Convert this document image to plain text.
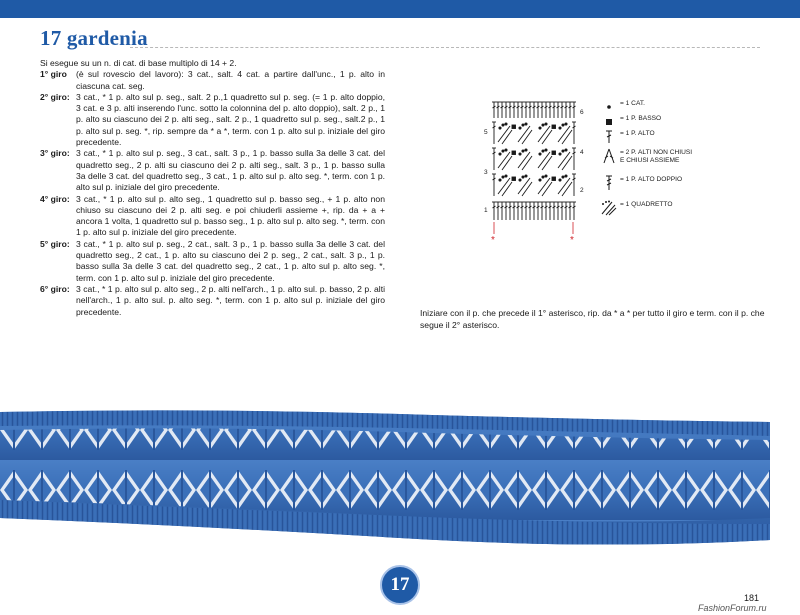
17 gardenia
Si esegue su un n. di cat. di base multiplo di 14 + 2.
1° giro	(è sul rovescio del lavoro): 3 cat., salt. 4 cat. a partire dall'unc., 1 p. alto in ciascuna cat. seg.
2° giro: 3 cat., * 1 p. alto sul p. seg., salt. 2 p.,1 quadretto sul p. seg. (= 1 p. alto doppio, 3 cat. e 3 p. alti inserendo l'unc. sotto la colonnina del p. alto doppio), salt. 2 p., 1 p. alto su ciascuno dei 2 p. alti seg., salt. 2 p., 1 quadretto sul p. seg., salt.2 p., 1 p. alto sul p. seg. *, rip. sempre da * a *, term. con 1 p. alto sul p. iniziale del giro precedente.
3° giro: 3 cat., * 1 p. alto sul p. seg., 3 cat., salt. 3 p., 1 p. basso sulla 3a delle 3 cat. del quadretto seg., 2 p. alti su ciascuno dei 2 p. alti seg., salt. 3 p., 1 p. basso sulla 3a delle 3 cat. del quadretto seg., 3 cat., 1 p. alto sul p. alto seg. *, term. con 1 p. alto sul p. iniziale del giro precedente.
4° giro: 3 cat., * 1 p. alto sul p. alto seg., 1 quadretto sul p. basso seg., + 1 p. alto non chiuso su ciascuno dei 2 p. alti seg. e poi chiuderli assieme +, rip. da + a + ancora 1 volta, 1 quadretto sul p. basso seg., 1 p. alto sul p. alto seg. *, term. con 1 p. alto sul p. iniziale del giro precedente.
5° giro: 3 cat., * 1 p. alto sul p. seg., 2 cat., salt. 3 p., 1 p. basso sulla 3a delle 3 cat. del quadretto seg., 2 cat., 1 p. alto su ciascuno dei 2 p. seg., 2 cat., salt. 3 p., 1 p. basso sulla 3a delle 3 cat. del quadretto seg., 2 cat., 1 p. alto sul p. alto seg. *, term. con 1 p. alto sul p. iniziale del giro precedente.
6° giro: 3 cat., * 1 p. alto sul p. alto seg., 2 p. alti nell'arch., 1 p. alto sul. p. basso, 2 p. alti nell'arch., 1 p. alto sul. p. alto seg. *, term. con 1 p. alto sul p. iniziale del giro precedente.
6
5
4
3
2
1
*	*
= 1 CAT.
= 1 P. BASSO
= 1 P. ALTO
= 2 P. ALTI NON CHIUSI
E CHIUSI ASSIEME
= 1 P. ALTO DOPPIO
= 1 QUADRETTO
Iniziare con il p. che precede il 1° asterisco, rip. da * a * per tutto il giro e term. con il p. che segue il 2° asterisco.
17
181
FashionForum.ru
